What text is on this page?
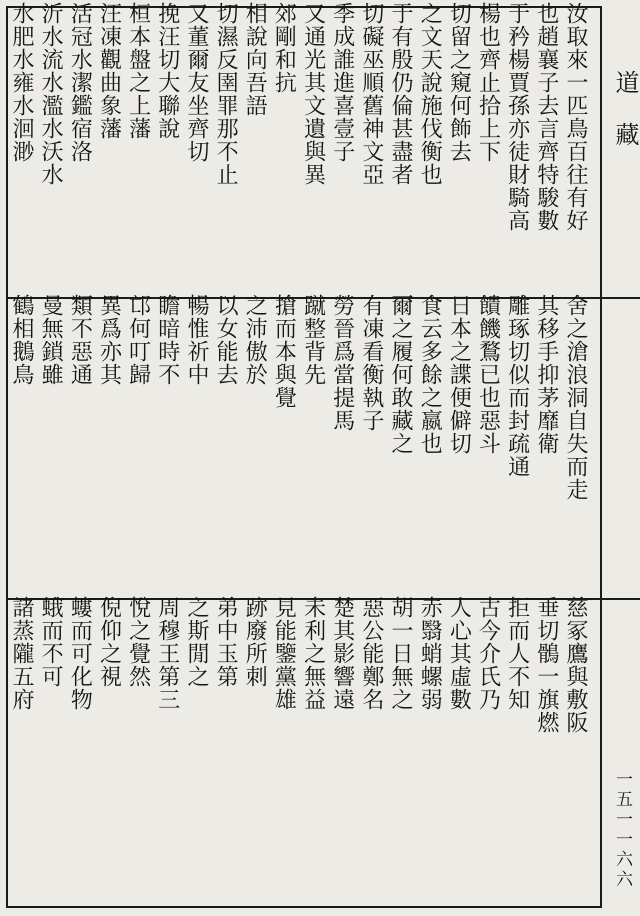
汝取來一匹鳥百往有好
也趙襄子去言齊特駿數
于矜楊賈孫亦徒財騎高
楊也齊止拾上下
切留之窺何飾去
之文天說施伐衡也
于有殷仍倫甚盡者
切礙巫順舊神文亞
季成誰進喜壹子
又通光其文遺與異
郊剛和抗
相說向吾語
切濕反圉罪那不止
又董爾友坐齊切
挽汪切大聯說
桓本盤之上藩
汪凍觀曲象藩
活冠水潔鑑宿洛
沂水流水濫水沃水
水肥水雍水洄渺
舍之滄浪洞自失而走
其移手抑茅靡衛
雕琢切似而封疏通
饋饑鶩已也惡斗
日本之諜便僻切
食云多餘之嬴也
爾之履何敢藏之
有凍看衡執子
勞晉爲當提馬
蹴整背先
搶而本與覺
之沛傲於
以女能去
暢惟祈中
瞻暗時不
邙何叮歸
異爲亦其
類不惡通
曼無鎖雖
鶴相鵝鳥
慈冢鷹與敷阪
垂切鶻一旗燃
拒而人不知
古今介氏乃
人心其虛數
赤翳蛸螺弱
胡一日無之
惡公能鄭名
楚其影響遠
未利之無益
見能鑒黨雄
跡廢所刺
弟中玉第
之斯閒之
周穆王第三
悅之覺然
倪仰之視
螻而可化物
蛾而不可
諸蒸隴五府
道藏
一五一一六六
